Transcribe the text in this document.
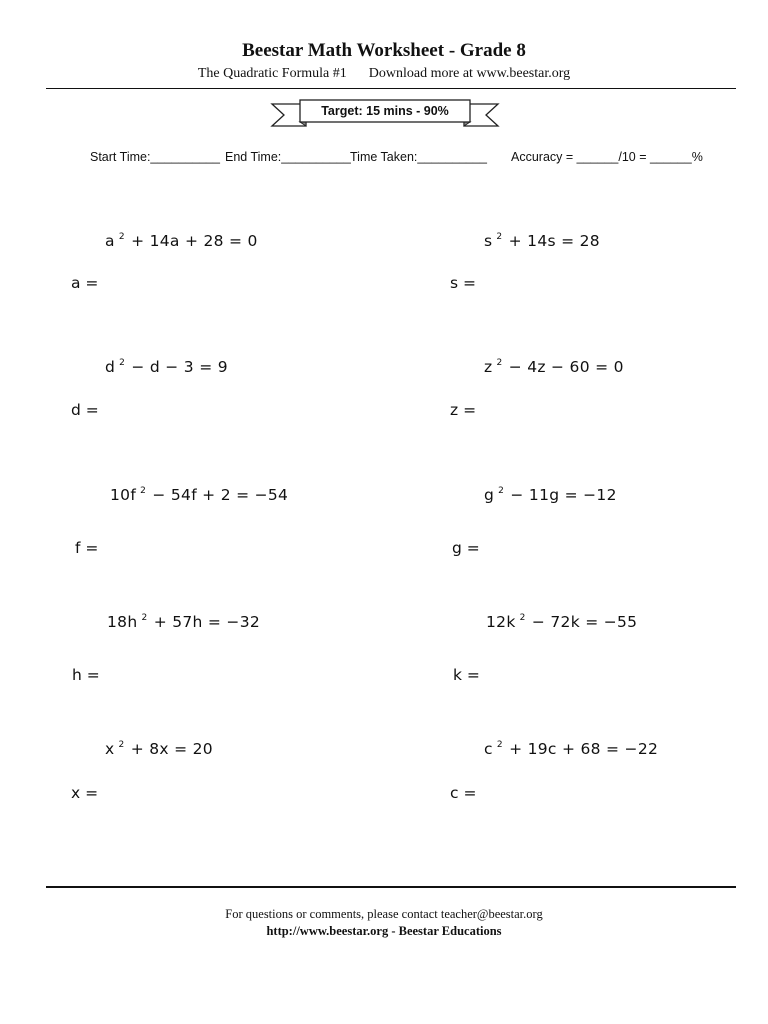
Beestar Math Worksheet - Grade 8
The Quadratic Formula #1 Download more at www.beestar.org
Target: 15 mins - 90%
Start Time:__________ End Time:__________ Time Taken:__________ Accuracy = ______/10 = ______%
a $^2$ + 14a + 28 = 0
a =
d $^2$ − d − 3 = 9
d =
10f $^2$ − 54f + 2 = −54
f =
18h $^2$ + 57h = −32
h =
x $^2$ + 8x = 20
x =
s $^2$ + 14s = 28
s =
z $^2$ − 4z − 60 = 0
z =
g $^2$ − 11g = −12
g =
12k $^2$ − 72k = −55
k =
c $^2$ + 19c + 68 = −22
c =
For questions or comments, please contact teacher@beestar.org
http://www.beestar.org - Beestar Educations
